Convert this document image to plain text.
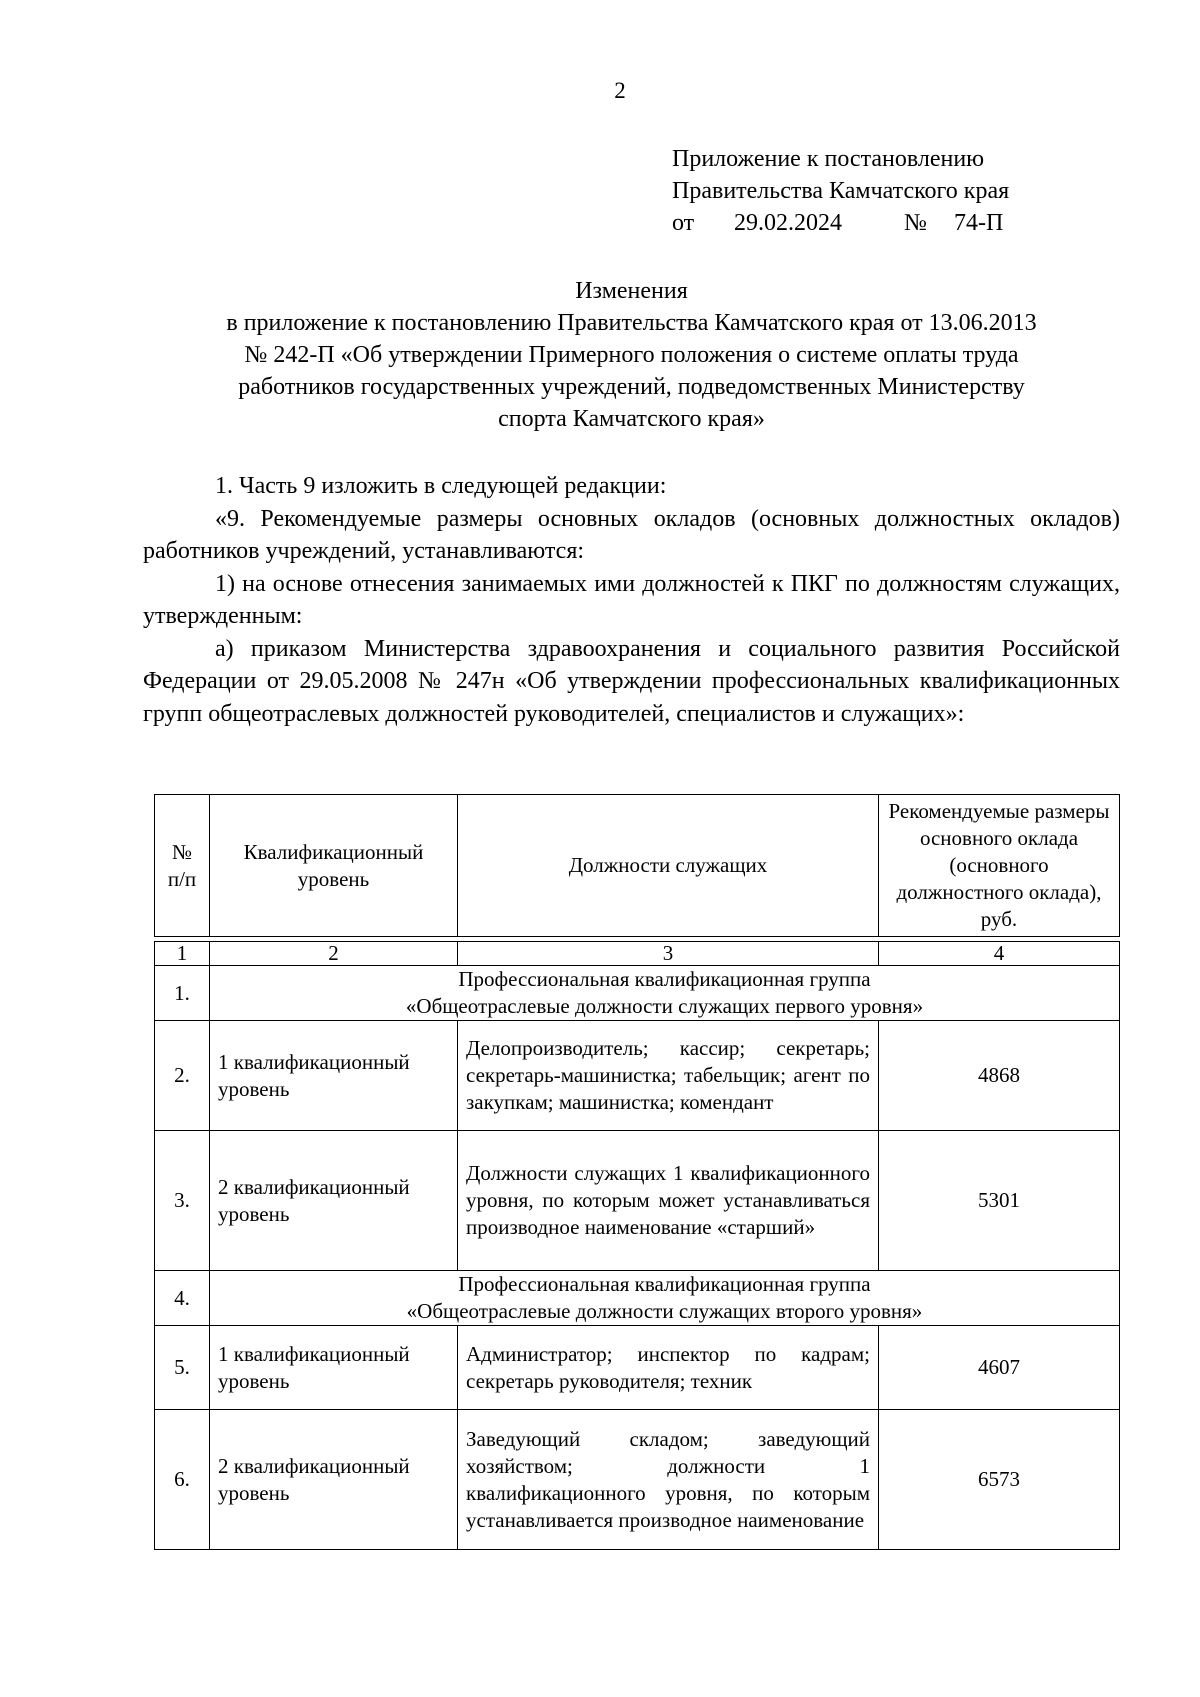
2
Приложение к постановлению
Правительства Камчатского края
от	29.02.2024	№	74-П
Изменения
в приложение к постановлению Правительства Камчатского края от 13.06.2013
№ 242-П «Об утверждении Примерного положения о системе оплаты труда
работников государственных учреждений, подведомственных Министерству
спорта Камчатского края»

1. Часть 9 изложить в следующей редакции:

«9. Рекомендуемые размеры основных окладов (основных должностных окладов) работников учреждений, устанавливаются:

1) на основе отнесения занимаемых ими должностей к ПКГ по должностям служащих, утвержденным:

а) приказом Министерства здравоохранения и социального развития Российской Федерации от 29.05.2008 № 247н «Об утверждении профессиональных квалификационных групп общеотраслевых должностей руководителей, специалистов и служащих»:

№ п/п	Квалификационный уровень	Должности служащих	Рекомендуемые размеры основного оклада (основного должностного оклада), руб.

1	2	3	4
1.	Профессиональная квалификационная группа
«Общеотраслевые должности служащих первого уровня»		

2.	1 квалификационный уровень	Делопроизводитель; кассир; секретарь; секретарь-машинистка; табельщик; агент по закупкам; машинистка; комендант	4868
3.	2 квалификационный уровень	Должности служащих 1 квалификационного уровня, по которым может устанавливаться производное наименование «старший»	5301
4.	Профессиональная квалификационная группа
«Общеотраслевые должности служащих второго уровня»		

5.	1 квалификационный уровень	Администратор; инспектор по кадрам; секретарь руководителя; техник	4607
6.	2 квалификационный уровень	Заведующий складом; заведующий хозяйством; должности 1 квалификационного уровня, по которым устанавливается производное наименование	6573
